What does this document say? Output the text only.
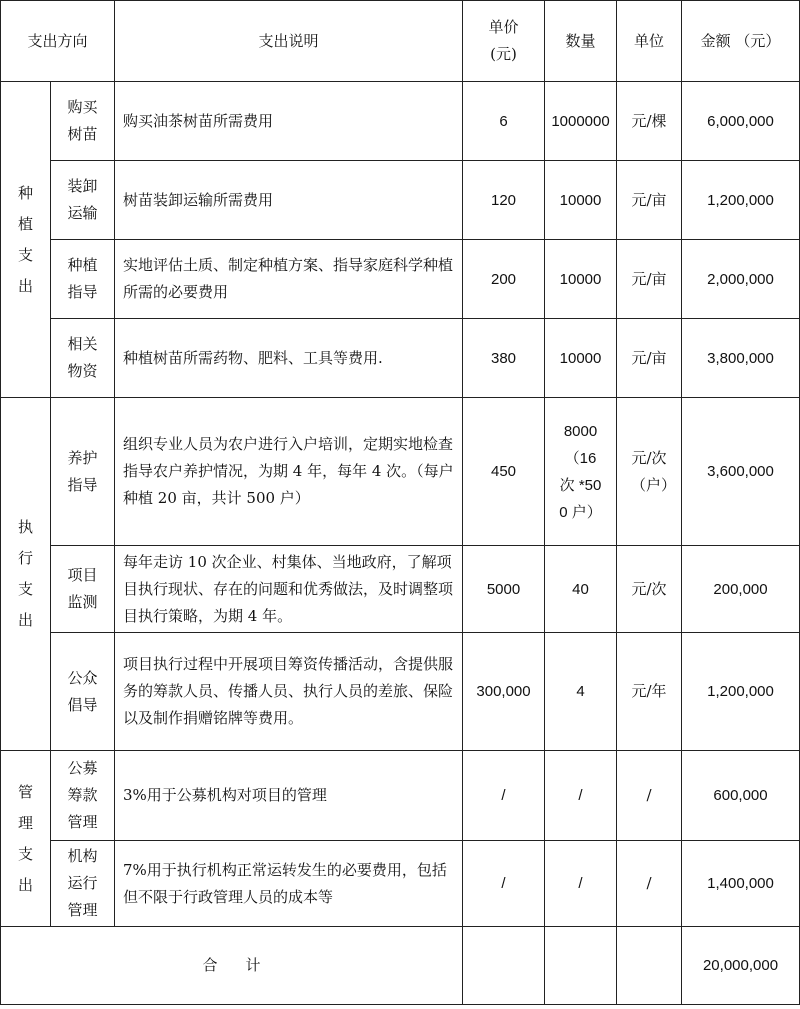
支出方向		支出说明	单价(元)	数量	单位	金额 （元）
种植支出	购买树苗	购买油茶树苗所需费用	6	1000000	元/棵	6,000,000
	装卸运输	树苗装卸运输所需费用	120	10000	元/亩	1,200,000
	种植指导	实地评估土质、制定种植方案、指导家庭科学种植所需的必要费用	200	10000	元/亩	2,000,000
	相关物资	种植树苗所需药物、肥料、工具等费用.	380	10000	元/亩	3,800,000
执行支出	养护指导	组织专业人员为农户进行入户培训，定期实地检查指导农户养护情况，为期 4 年，每年 4 次。（每户种植 20 亩，共计 500 户）	450	8000 （16 次 *500 户）	元/次（户）	3,600,000
	项目监测	每年走访 10 次企业、村集体、当地政府，了解项目执行现状、存在的问题和优秀做法，及时调整项目执行策略，为期 4 年。	5000	40	元/次	200,000
	公众倡导	项目执行过程中开展项目筹资传播活动，含提供服务的筹款人员、传播人员、执行人员的差旅、保险以及制作捐赠铭牌等费用。	300,000	4	元/年	1,200,000
管理支出	公募筹款管理	3%用于公募机构对项目的管理	/	/	/	600,000
	机构运行管理	7%用于执行机构正常运转发生的必要费用，包括但不限于行政管理人员的成本等	/	/	/	1,400,000
合 计						20,000,000
